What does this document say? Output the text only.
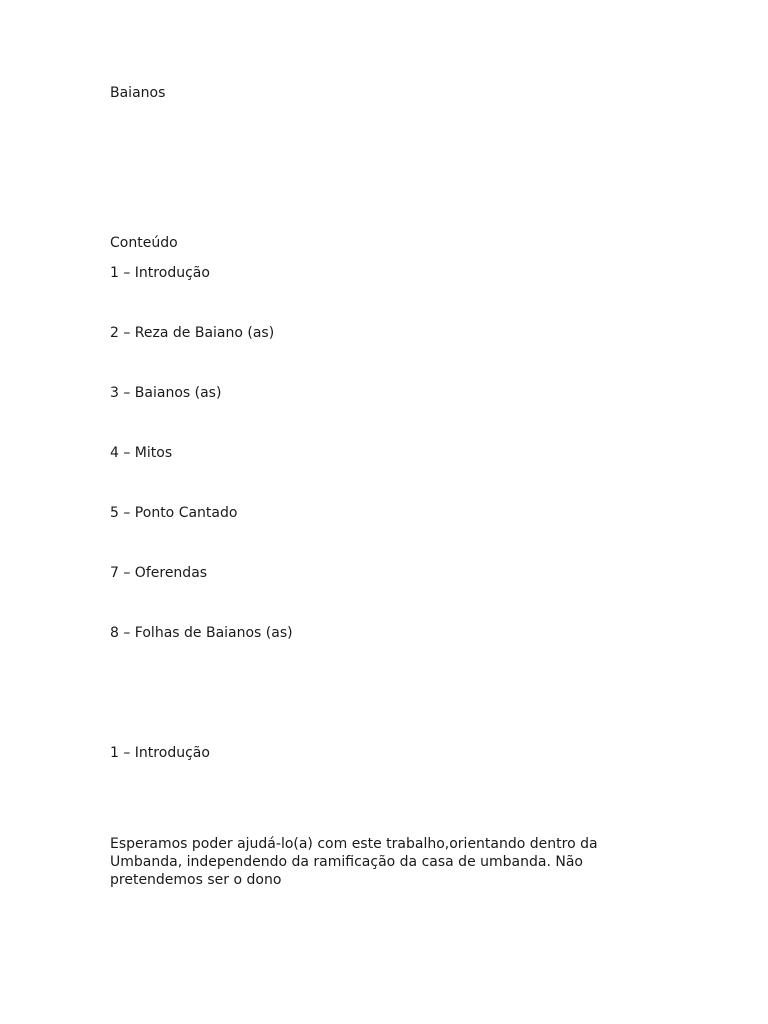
Baianos
Conteúdo
1 – Introdução
2 – Reza de Baiano (as)
3 – Baianos (as)
4 – Mitos
5 – Ponto Cantado
7 – Oferendas
8 – Folhas de Baianos (as)
1 – Introdução
Esperamos poder ajudá-lo(a) com este trabalho,orientando dentro da
Umbanda, independendo da ramificação da casa de umbanda. Não
pretendemos ser o dono
